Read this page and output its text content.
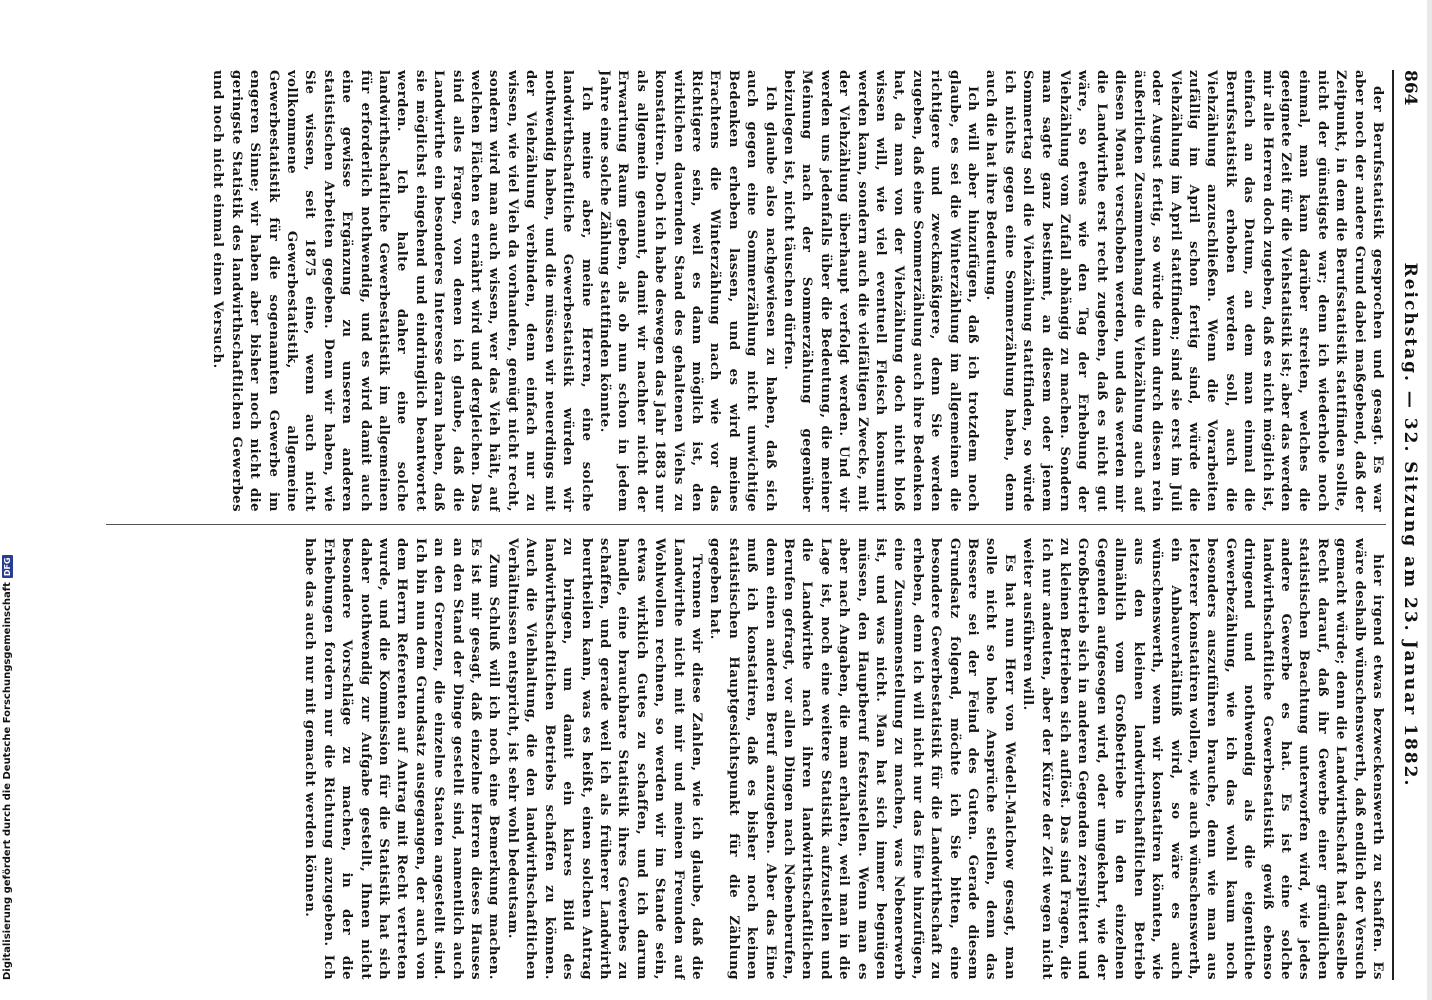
864
Reichstag. — 32. Sitzung am 23. Januar 1882.

der Berufsstatistik gesprochen und gesagt. Es war aber noch der andere Grund dabei maßgebend, daß der Zeitpunkt, in dem die Berufsstatistik stattfinden sollte, nicht der günstigste war; denn ich wiederhole noch einmal, man kann darüber streiten, welches die geeignete Zeit für die Viehstatistik ist; aber das werden mir alle Herren doch zugeben, daß es nicht möglich ist, einfach an das Datum, an dem man einmal die Berufsstatistik erhoben werden soll, auch die Viehzählung anzuschließen. Wenn die Vorarbeiten zufällig im April schon fertig sind, würde die Viehzählung im April stattfinden; sind sie erst im Juli oder August fertig, so würde dann durch diesen rein äußerlichen Zusammenhang die Viehzählung auch auf diesen Monat verschoben werden, und das werden mir die Landwirthe erst recht zugeben, daß es nicht gut wäre, so etwas wie den Tag der Erhebung der Viehzählung vom Zufall abhängig zu machen. Sondern man sagte ganz bestimmt, an diesem oder jenem Sommertag soll die Viehzählung stattfinden, so würde ich nichts gegen eine Sommerzählung haben, denn auch die hat ihre Bedeutung.

Ich will aber hinzufügen, daß ich trotzdem noch glaube, es sei die Winterzählung im allgemeinen die richtigere und zweckmäßigere, denn Sie werden zugeben, daß eine Sommerzählung auch ihre Bedenken hat, da man von der Viehzählung doch nicht bloß wissen will, wie viel eventuell Fleisch konsumirt werden kann, sondern auch die vielfältigen Zwecke, mit der Viehzählung überhaupt verfolgt werden. Und wir werden uns jedenfalls über die Bedeutung, die meiner Meinung nach der Sommerzählung gegenüber beizulegen ist, nicht täuschen dürfen.

Ich glaube also nachgewiesen zu haben, daß sich auch gegen eine Sommerzählung nicht unwichtige Bedenken erheben lassen, und es wird meines Erachtens die Winterzählung nach wie vor das Richtigere sein, weil es dann möglich ist, den wirklichen dauernden Stand des gehaltenen Viehs zu konstatiren. Doch ich habe deswegen das Jahr 1883 nur als allgemein genannt, damit wir nachher nicht der Erwartung Raum geben, als ob nun schon in jedem Jahre eine solche Zählung stattfinden könnte.

Ich meine aber, meine Herren, eine solche landwirthschaftliche Gewerbestatistik würden wir nothwendig haben, und die müssen wir neuerdings mit der Viehzählung verbinden, denn einfach nur zu wissen, wie viel Vieh da vorhanden, genügt nicht recht, sondern wird man auch wissen, wer das Vieh hält, auf welchen Flächen es ernährt wird und dergleichen. Das sind alles Fragen, von denen ich glaube, daß die Landwirthe ein besonderes Interesse daran haben, daß sie möglichst eingehend und eindringlich beantwortet werden. Ich halte daher eine solche landwirthschaftliche Gewerbestatistik im allgemeinen für erforderlich nothwendig, und es wird damit auch eine gewisse Ergänzung zu unseren anderen statistischen Arbeiten gegeben. Denn wir haben, wie Sie wissen, seit 1875 eine, wenn auch nicht vollkommene Gewerbestatistik, allgemeine Gewerbestatistik für die sogenannten Gewerbe im engeren Sinne; wir haben aber bisher noch nicht die geringste Statistik des landwirthschaftlichen Gewerbes und noch nicht einmal einen Versuch.

hier irgend etwas bezweckenswerth zu schaffen. Es wäre deshalb wünschenswerth, daß endlich der Versuch gemacht würde; denn die Landwirthschaft hat dasselbe Recht darauf, daß ihr Gewerbe einer gründlichen statistischen Beachtung unterworfen wird, wie jedes andere Gewerbe es hat. Es ist eine solche landwirthschaftliche Gewerbestatistik gewiß ebenso dringend und nothwendig als die eigentliche Gewerbezählung, wie ich das wohl kaum noch besonders auszuführen brauche, denn wie man aus letzterer konstatiren wollen, wie auch wünschenswerth, ein Anbauverhältniß wird, so wäre es auch wünschenswerth, wenn wir konstatiren könnten, wie aus den kleinen landwirthschaftlichen Betrieb allmählich vom Großbetriebe in den einzelnen Gegenden aufgesogen wird, oder umgekehrt, wie der Großbetrieb sich in anderen Gegenden zersplittert und zu kleinen Betrieben sich auflöst. Das sind Fragen, die ich nur andeuten, aber der Kürze der Zeit wegen nicht weiter ausführen will.

Es hat nun Herr von Wedell-Malchow gesagt, man solle nicht so hohe Ansprüche stellen, denn das Bessere sei der Feind des Guten. Gerade diesem Grundsatz folgend, möchte ich Sie bitten, eine besondere Gewerbestatistik für die Landwirthschaft zu erheben, denn ich will nicht nur das Eine hinzufügen, eine Zusammenstellung zu machen, was Nebenerwerb ist, und was nicht. Man hat sich immer begnügen müssen, den Hauptberuf festzustellen. Wenn man es aber nach Angaben, die man erhalten, weil man in die Lage ist, noch eine weitere Statistik aufzustellen und die Landwirthe nach ihren landwirthschaftlichen Berufen gefragt, vor allen Dingen nach Nebenberufen, denn einen anderen Beruf anzugeben. Aber das Eine muß ich konstatiren, daß es bisher noch keinen statistischen Hauptgesichtspunkt für die Zählung gegeben hat.

Trennen wir diese Zahlen, wie ich glaube, daß die Landwirthe nicht mit mir und meinen Freunden auf Wohlwollen rechnen, so werden wir im Stande sein, etwas wirklich Gutes zu schaffen, und ich darum handle, eine brauchbare Statistik ihres Gewerbes zu schaffen, und gerade weil ich als früherer Landwirth beurtheilen kann, was es heißt, einen solchen Antrag zu bringen, um damit ein klares Bild des landwirthschaftlichen Betriebs schaffen zu können. Auch die Viehhaltung, die den landwirthschaftlichen Verhältnissen entspricht, ist sehr wohl bedeutsam.

Zum Schluß will ich noch eine Bemerkung machen. Es ist mir gesagt, daß einzelne Herren dieses Hauses an den Stand der Dinge gestellt sind, namentlich auch an den Grenzen, die einzelne Staaten angestellt sind. Ich bin nun dem Grundsatz ausgegangen, der auch von dem Herrn Referenten auf Antrag mit Recht vertreten wurde, und die Kommission für die Statistik hat sich daher nothwendig zur Aufgabe gestellt, Ihnen nicht besondere Vorschläge zu machen, in der die Erhebungen fordern nur die Richtung anzugeben. Ich habe das auch nur mit gemacht werden können.

Digitalisierung gefördert durch die Deutsche Forschungsgemeinschaft
DFG
